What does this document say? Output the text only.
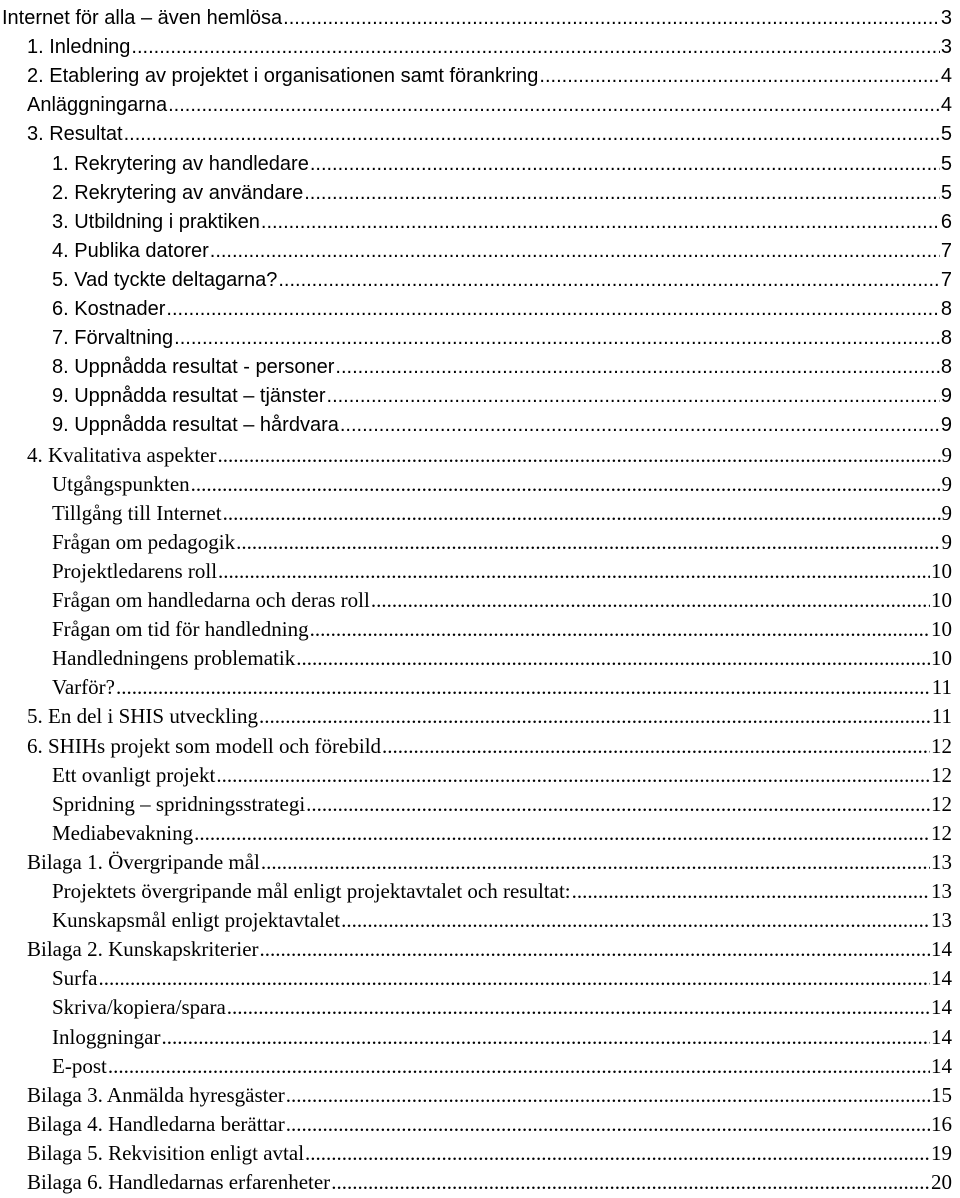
Internet för alla – även hemlösa .....	3
1. Inledning .....	3
2. Etablering av projektet i organisationen samt förankring .....	4
Anläggningarna .....	4
3. Resultat .....	5
1. Rekrytering av handledare .....	5
2. Rekrytering av användare .....	5
3. Utbildning i praktiken .....	6
4. Publika datorer .....	7
5. Vad tyckte deltagarna? .....	7
6. Kostnader .....	8
7. Förvaltning .....	8
8. Uppnådda resultat - personer .....	8
9. Uppnådda resultat – tjänster .....	9
9. Uppnådda resultat – hårdvara .....	9
4. Kvalitativa aspekter .....	9
Utgångspunkten .....	9
Tillgång till Internet .....	9
Frågan om pedagogik .....	9
Projektledarens roll .....	10
Frågan om handledarna och deras roll .....	10
Frågan om tid för handledning .....	10
Handledningens problematik .....	10
Varför? .....	11
5. En del i SHIS utveckling .....	11
6. SHIHs projekt som modell och förebild .....	12
Ett ovanligt projekt .....	12
Spridning – spridningsstrategi .....	12
Mediabevakning .....	12
Bilaga 1. Övergripande mål .....	13
Projektets övergripande mål enligt projektavtalet och resultat: .....	13
Kunskapsmål enligt projektavtalet .....	13
Bilaga 2. Kunskapskriterier .....	14
Surfa .....	14
Skriva/kopiera/spara .....	14
Inloggningar .....	14
E-post .....	14
Bilaga 3. Anmälda hyresgäster .....	15
Bilaga 4. Handledarna berättar .....	16
Bilaga 5. Rekvisition enligt avtal .....	19
Bilaga 6. Handledarnas erfarenheter .....	20
